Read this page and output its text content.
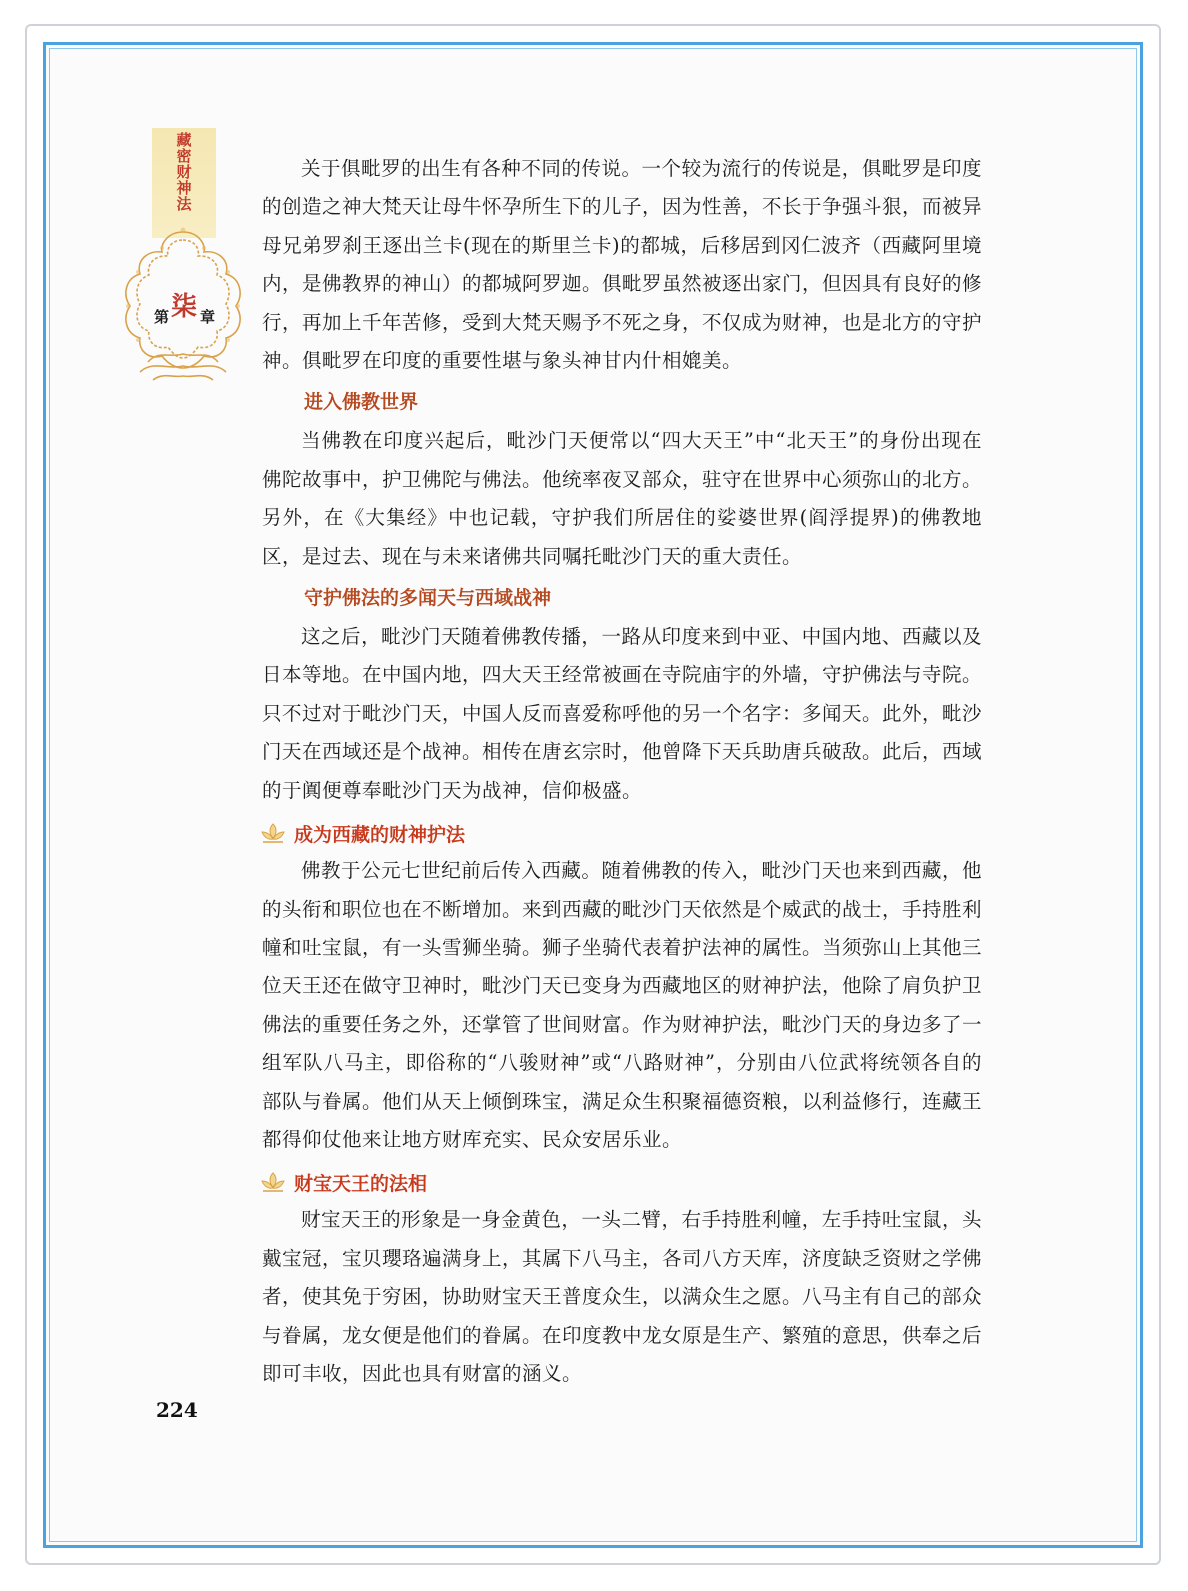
藏密财神法
第 柒 章

关于俱毗罗的出生有各种不同的传说。一个较为流行的传说是，俱毗罗是印度的创造之神大梵天让母牛怀孕所生下的儿子，因为性善，不长于争强斗狠，而被异母兄弟罗刹王逐出兰卡(现在的斯里兰卡)的都城，后移居到冈仁波齐（西藏阿里境内，是佛教界的神山）的都城阿罗迦。俱毗罗虽然被逐出家门，但因具有良好的修行，再加上千年苦修，受到大梵天赐予不死之身，不仅成为财神，也是北方的守护神。俱毗罗在印度的重要性堪与象头神甘内什相媲美。

进入佛教世界

当佛教在印度兴起后，毗沙门天便常以“四大天王”中“北天王”的身份出现在佛陀故事中，护卫佛陀与佛法。他统率夜叉部众，驻守在世界中心须弥山的北方。另外，在《大集经》中也记载，守护我们所居住的娑婆世界(阎浮提界)的佛教地区，是过去、现在与未来诸佛共同嘱托毗沙门天的重大责任。

守护佛法的多闻天与西域战神

这之后，毗沙门天随着佛教传播，一路从印度来到中亚、中国内地、西藏以及日本等地。在中国内地，四大天王经常被画在寺院庙宇的外墙，守护佛法与寺院。只不过对于毗沙门天，中国人反而喜爱称呼他的另一个名字：多闻天。此外，毗沙门天在西域还是个战神。相传在唐玄宗时，他曾降下天兵助唐兵破敌。此后，西域的于阗便尊奉毗沙门天为战神，信仰极盛。

成为西藏的财神护法

佛教于公元七世纪前后传入西藏。随着佛教的传入，毗沙门天也来到西藏，他的头衔和职位也在不断增加。来到西藏的毗沙门天依然是个威武的战士，手持胜利幢和吐宝鼠，有一头雪狮坐骑。狮子坐骑代表着护法神的属性。当须弥山上其他三位天王还在做守卫神时，毗沙门天已变身为西藏地区的财神护法，他除了肩负护卫佛法的重要任务之外，还掌管了世间财富。作为财神护法，毗沙门天的身边多了一组军队八马主，即俗称的“八骏财神”或“八路财神”，分别由八位武将统领各自的部队与眷属。他们从天上倾倒珠宝，满足众生积聚福德资粮，以利益修行，连藏王都得仰仗他来让地方财库充实、民众安居乐业。

财宝天王的法相

财宝天王的形象是一身金黄色，一头二臂，右手持胜利幢，左手持吐宝鼠，头戴宝冠，宝贝瓔珞遍满身上，其属下八马主，各司八方天库，济度缺乏资财之学佛者，使其免于穷困，协助财宝天王普度众生，以满众生之愿。八马主有自己的部众与眷属，龙女便是他们的眷属。在印度教中龙女原是生产、繁殖的意思，供奉之后即可丰收，因此也具有财富的涵义。

224
